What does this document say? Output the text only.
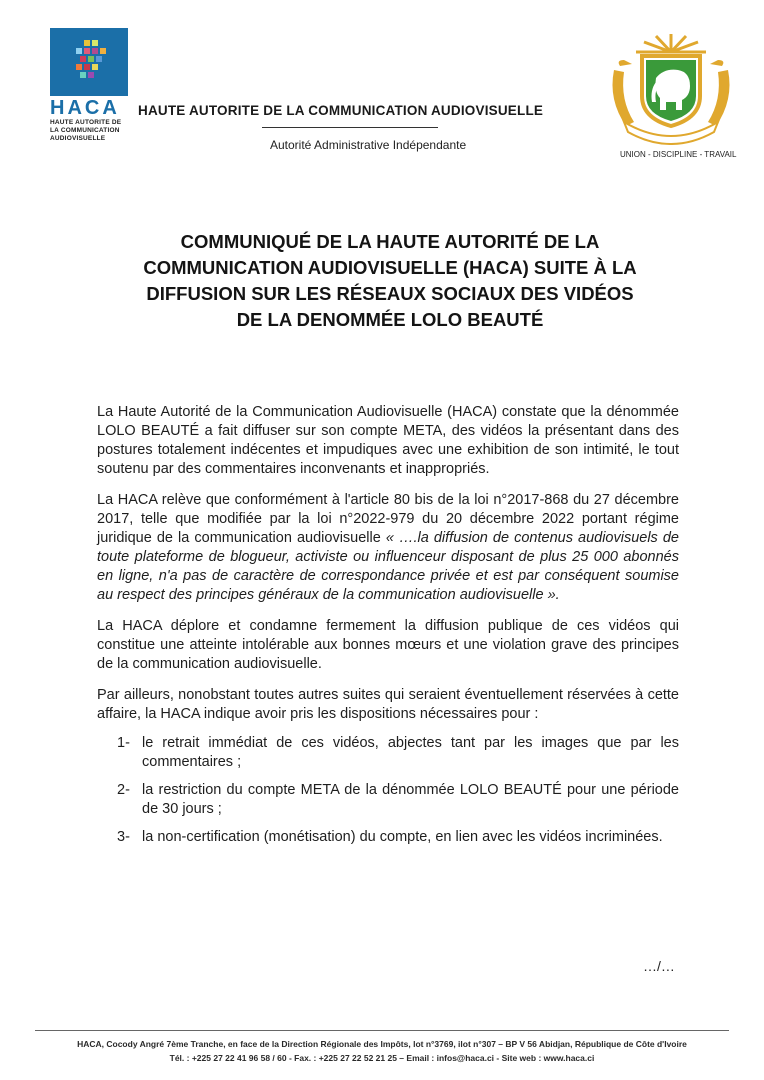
HACA
HAUTE AUTORITE DE
LA COMMUNICATION
AUDIOVISUELLE
HAUTE AUTORITE DE LA COMMUNICATION AUDIOVISUELLE
Autorité Administrative Indépendante
UNION - DISCIPLINE - TRAVAIL
COMMUNIQUÉ DE LA HAUTE AUTORITÉ DE LA
COMMUNICATION AUDIOVISUELLE (HACA) SUITE À LA
DIFFUSION SUR LES RÉSEAUX SOCIAUX DES VIDÉOS
DE LA DENOMMÉE LOLO BEAUTÉ

La Haute Autorité de la Communication Audiovisuelle (HACA) constate que la dénommée LOLO BEAUTÉ a fait diffuser sur son compte META, des vidéos la présentant dans des postures totalement indécentes et impudiques avec une exhibition de son intimité, le tout soutenu par des commentaires inconvenants et inappropriés.

La HACA relève que conformément à l'article 80 bis de la loi n°2017-868 du 27 décembre 2017, telle que modifiée par la loi n°2022-979 du 20 décembre 2022 portant régime juridique de la communication audiovisuelle « ….la diffusion de contenus audiovisuels de toute plateforme de blogueur, activiste ou influenceur disposant de plus 25 000 abonnés en ligne, n'a pas de caractère de correspondance privée et est par conséquent soumise au respect des principes généraux de la communication audiovisuelle ».

La HACA déplore et condamne fermement la diffusion publique de ces vidéos qui constitue une atteinte intolérable aux bonnes mœurs et une violation grave des principes de la communication audiovisuelle.

Par ailleurs, nonobstant toutes autres suites qui seraient éventuellement réservées à cette affaire, la HACA indique avoir pris les dispositions nécessaires pour :

1- le retrait immédiat de ces vidéos, abjectes tant par les images que par les commentaires ;
2- la restriction du compte META de la dénommée LOLO BEAUTÉ pour une période de 30 jours ;
3- la non-certification (monétisation) du compte, en lien avec les vidéos incriminées.
…/…
HACA, Cocody Angré 7ème Tranche, en face de la Direction Régionale des Impôts, lot n°3769, ilot n°307 – BP V 56 Abidjan, République de Côte d'Ivoire
Tél. : +225 27 22 41 96 58 / 60 - Fax. : +225 27 22 52 21 25 – Email : infos@haca.ci - Site web : www.haca.ci
